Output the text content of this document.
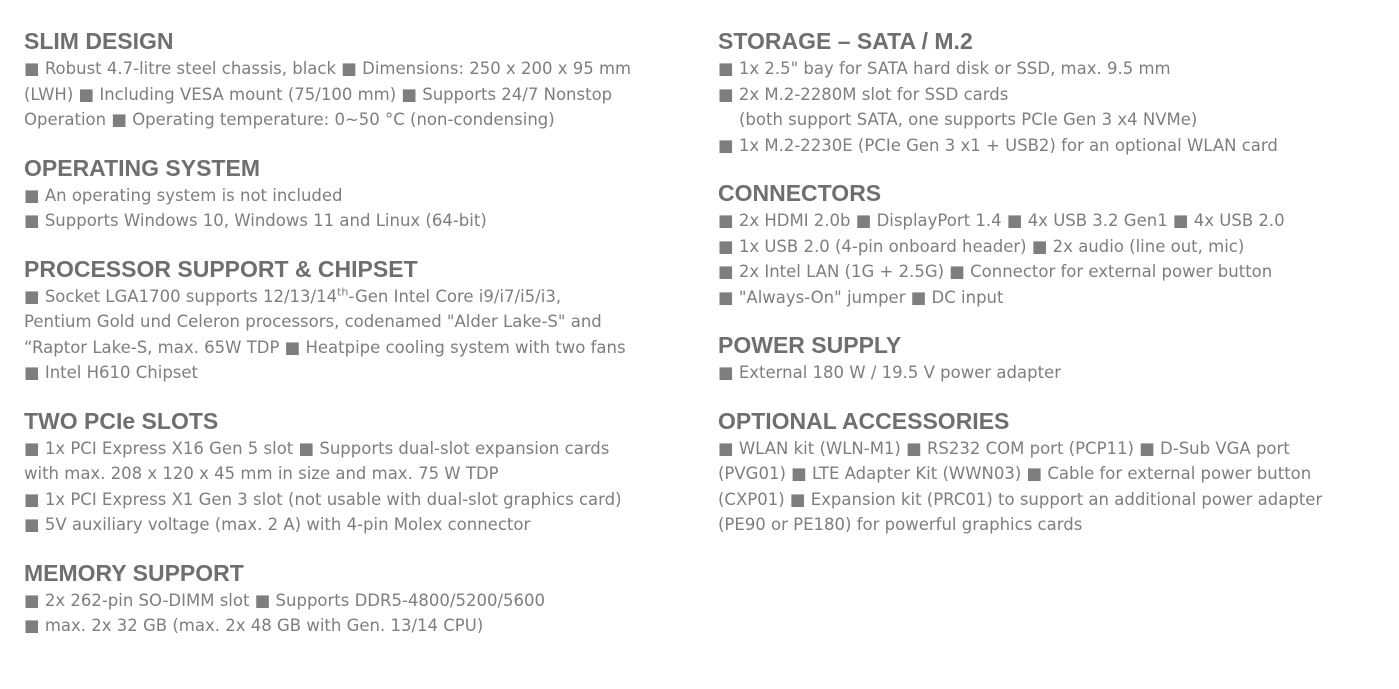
SLIM DESIGN
■ Robust 4.7-litre steel chassis, black ■ Dimensions: 250 x 200 x 95 mm
(LWH) ■ Including VESA mount (75/100 mm) ■ Supports 24/7 Nonstop
Operation ■ Operating temperature: 0~50 °C (non-condensing)
OPERATING SYSTEM
■ An operating system is not included
■ Supports Windows 10, Windows 11 and Linux (64-bit)
PROCESSOR SUPPORT & CHIPSET
■ Socket LGA1700 supports 12/13/14th-Gen Intel Core i9/i7/i5/i3,
Pentium Gold und Celeron processors, codenamed "Alder Lake-S" and
“Raptor Lake-S, max. 65W TDP ■ Heatpipe cooling system with two fans
■ Intel H610 Chipset
TWO PCIe SLOTS
■ 1x PCI Express X16 Gen 5 slot ■ Supports dual-slot expansion cards
with max. 208 x 120 x 45 mm in size and max. 75 W TDP
■ 1x PCI Express X1 Gen 3 slot (not usable with dual-slot graphics card)
■ 5V auxiliary voltage (max. 2 A) with 4-pin Molex connector
MEMORY SUPPORT
■ 2x 262-pin SO-DIMM slot ■ Supports DDR5-4800/5200/5600
■ max. 2x 32 GB (max. 2x 48 GB with Gen. 13/14 CPU)
STORAGE – SATA / M.2
■ 1x 2.5" bay for SATA hard disk or SSD, max. 9.5 mm
■ 2x M.2-2280M slot for SSD cards
(both support SATA, one supports PCIe Gen 3 x4 NVMe)
■ 1x M.2-2230E (PCIe Gen 3 x1 + USB2) for an optional WLAN card
CONNECTORS
■ 2x HDMI 2.0b ■ DisplayPort 1.4 ■ 4x USB 3.2 Gen1 ■ 4x USB 2.0
■ 1x USB 2.0 (4-pin onboard header) ■ 2x audio (line out, mic)
■ 2x Intel LAN (1G + 2.5G) ■ Connector for external power button
■ "Always-On" jumper ■ DC input
POWER SUPPLY
■ External 180 W / 19.5 V power adapter
OPTIONAL ACCESSORIES
■ WLAN kit (WLN-M1) ■ RS232 COM port (PCP11) ■ D-Sub VGA port
(PVG01) ■ LTE Adapter Kit (WWN03) ■ Cable for external power button
(CXP01) ■ Expansion kit (PRC01) to support an additional power adapter
(PE90 or PE180) for powerful graphics cards
